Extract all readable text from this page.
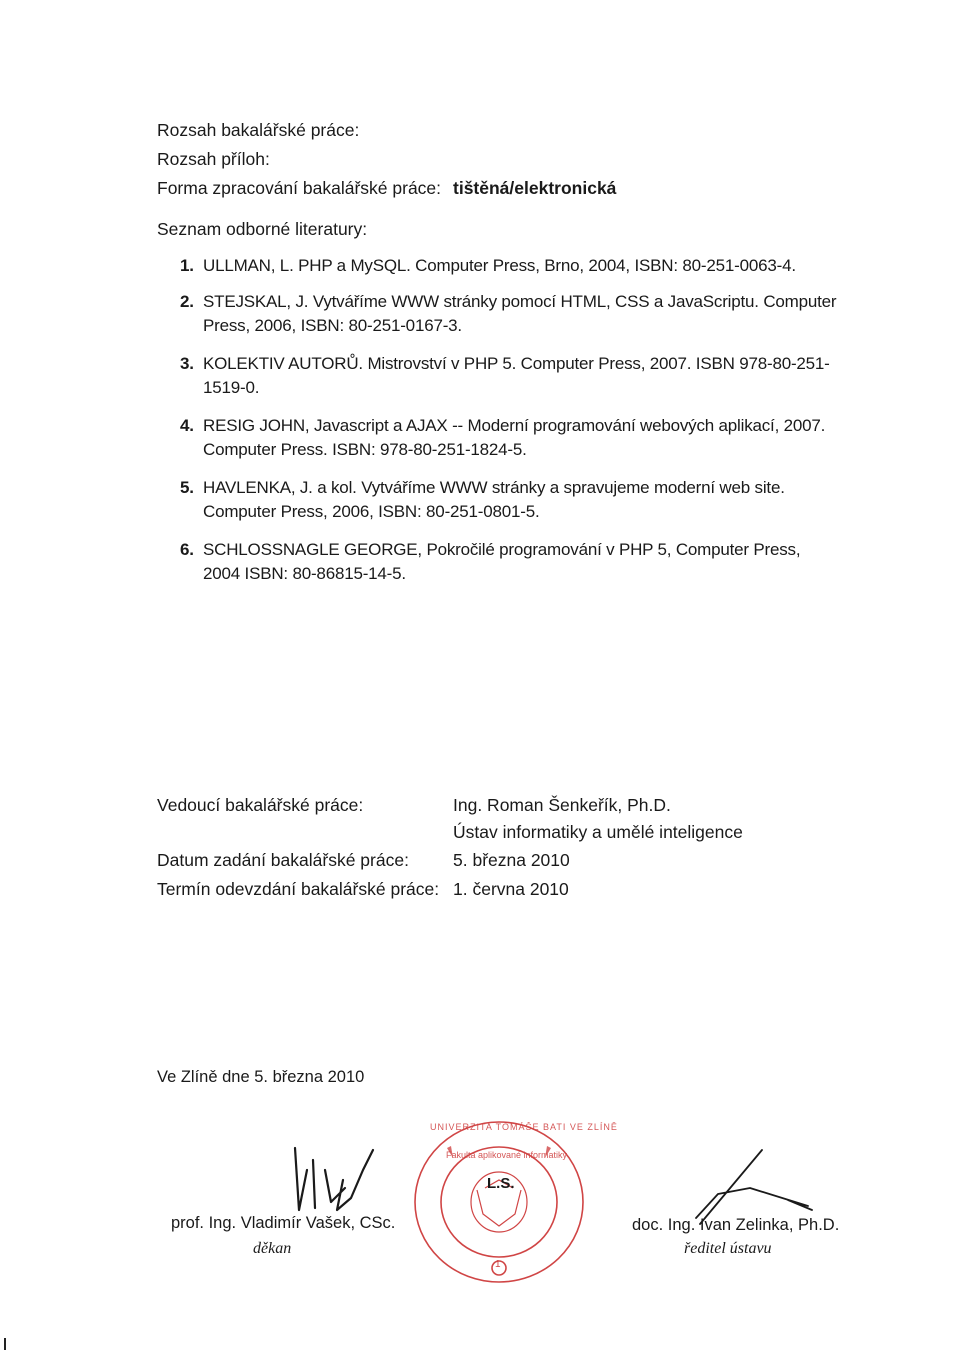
Rozsah bakalářské práce:
Rozsah příloh:
Forma zpracování bakalářské práce: tištěná/elektronická
Seznam odborné literatury:
1. ULLMAN, L. PHP a MySQL. Computer Press, Brno, 2004, ISBN: 80-251-0063-4.
2. STEJSKAL, J. Vytváříme WWW stránky pomocí HTML, CSS a JavaScriptu. Computer Press, 2006, ISBN: 80-251-0167-3.
3. KOLEKTIV AUTORŮ. Mistrovství v PHP 5. Computer Press, 2007. ISBN 978-80-251-1519-0.
4. RESIG JOHN, Javascript a AJAX -- Moderní programování webových aplikací, 2007. Computer Press. ISBN: 978-80-251-1824-5.
5. HAVLENKA, J. a kol. Vytváříme WWW stránky a spravujeme moderní web site. Computer Press, 2006, ISBN: 80-251-0801-5.
6. SCHLOSSNAGLE GEORGE, Pokročilé programování v PHP 5, Computer Press, 2004 ISBN: 80-86815-14-5.
Vedoucí bakalářské práce:	Ing. Roman Šenkeřík, Ph.D.
Ústav informatiky a umělé inteligence
Datum zadání bakalářské práce:	5. března 2010
Termín odevzdání bakalářské práce: 1. června 2010
Ve Zlíně dne 5. března 2010
prof. Ing. Vladimír Vašek, CSc.
děkan
L.S.
1
UNIVERZITA TOMÁŠE BATI VE ZLÍNĚ
Fakulta aplikované informatiky
doc. Ing. Ivan Zelinka, Ph.D.
ředitel ústavu
